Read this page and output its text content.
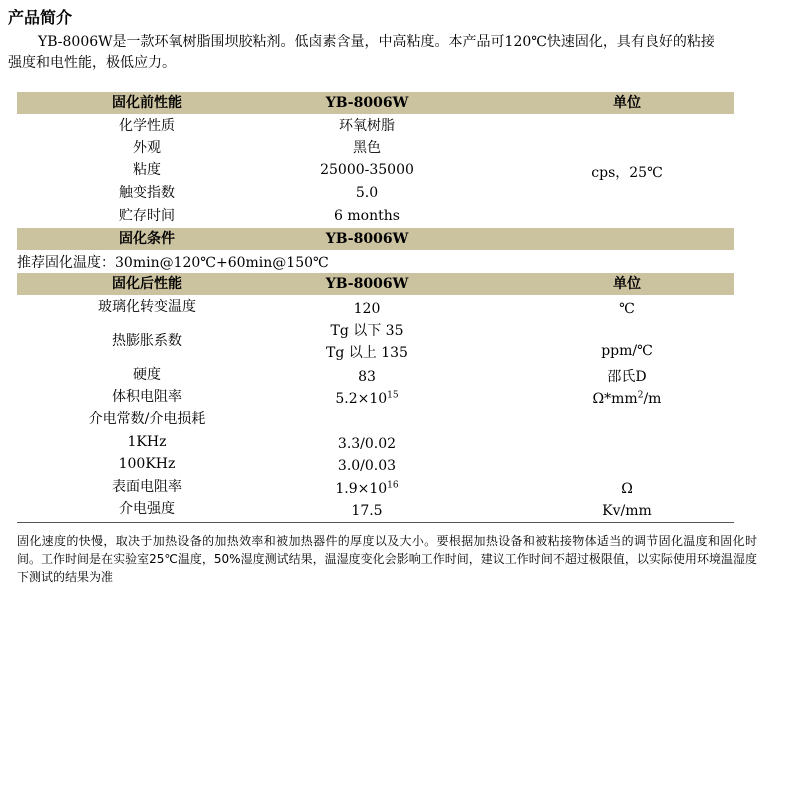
产品简介
YB-8006W是一款环氧树脂围坝胶粘剂。低卤素含量，中高粘度。本产品可120℃快速固化，具有良好的粘接
强度和电性能，极低应力。
固化前性能	YB-8006W	单位
化学性质	环氧树脂
外观	黑色
粘度	25000-35000	cps，25℃
触变指数	5.0
贮存时间	6 months
固化条件	YB-8006W
推荐固化温度：30min@120℃+60min@150℃
固化后性能	YB-8006W	单位
玻璃化转变温度	120	℃
热膨胀系数
Tg 以下 35
Tg 以上 135	ppm/℃
硬度	83	邵氏D
体积电阻率	$5.2\times 10^{15}$	$\Omega*mm^2/m$
介电常数/介电损耗
1KHz	3.3/0.02
100KHz	3.0/0.03
表面电阻率	$1.9\times 10^{16}$	Ω
介电强度	17.5	Kv/mm
固化速度的快慢，取决于加热设备的加热效率和被加热器件的厚度以及大小。要根据加热设备和被粘接物体适当的调节固化温度和固化时间。工作时间是在实验室25℃温度，50%湿度测试结果，温湿度变化会影响工作时间，建议工作时间不超过极限值，以实际使用环境温湿度下测试的结果为准
